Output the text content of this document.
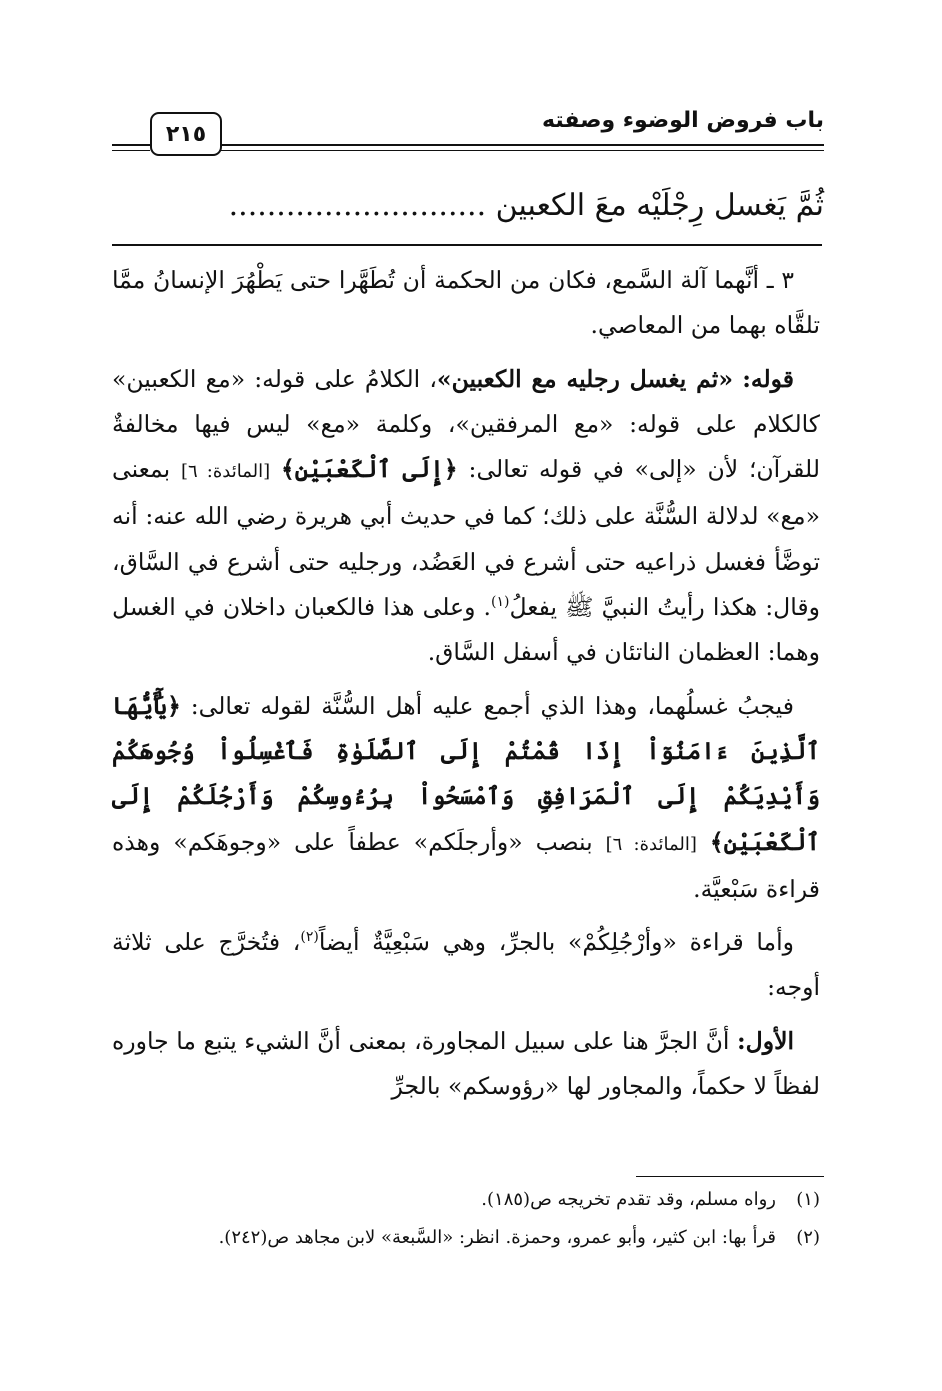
باب فروض الوضوء وصفته
٢١٥
ثُمَّ يَغسل رِجْلَيْه معَ الكعبين ...........................

٣ ـ أنَّهما آلة السَّمع، فكان من الحكمة أن تُطَهَّرا حتى يَطْهُرَ الإنسانُ ممَّا تلقَّاه بهما من المعاصي.

قوله: «ثم يغسل رجليه مع الكعبين»، الكلامُ على قوله: «مع الكعبين» كالكلام على قوله: «مع المرفقين»، وكلمة «مع» ليس فيها مخالفةٌ للقرآن؛ لأن «إلى» في قوله تعالى: ﴿إِلَى ٱلْكَعْبَيْنِ﴾ [المائدة: ٦] بمعنى «مع» لدلالة السُّنَّة على ذلك؛ كما في حديث أبي هريرة رضي الله عنه: أنه توضَّأ فغسل ذراعيه حتى أشرع في العَضُد، ورجليه حتى أشرع في السَّاق، وقال: هكذا رأيتُ النبيَّ ﷺ يفعلُ$^{(١)}$. وعلى هذا فالكعبان داخلان في الغسل وهما: العظمان الناتئان في أسفل السَّاق.

فيجبُ غسلُهما، وهذا الذي أجمع عليه أهل السُّنَّة لقوله تعالى: ﴿يَٰٓأَيُّهَا ٱلَّذِينَ ءَامَنُوٓاْ إِذَا قُمْتُمْ إِلَى ٱلصَّلَوٰةِ فَٱغْسِلُواْ وُجُوهَكُمْ وَأَيْدِيَكُمْ إِلَى ٱلْمَرَافِقِ وَٱمْسَحُواْ بِرُءُوسِكُمْ وَأَرْجُلَكُمْ إِلَى ٱلْكَعْبَيْنِ﴾ [المائدة: ٦] بنصب «وأرجلَكم» عطفاً على «وجوهَكم» وهذه قراءة سَبْعيَّة.

وأما قراءة «وأرْجُلِكُمْ» بالجرِّ، وهي سَبْعِيَّةٌ أيضاً$^{(٢)}$، فتُخرَّج على ثلاثة أوجه:

الأول: أنَّ الجرَّ هنا على سبيل المجاورة، بمعنى أنَّ الشيء يتبع ما جاوره لفظاً لا حكماً، والمجاور لها «رؤوسكم» بالجرِّ

(١)
رواه مسلم، وقد تقدم تخريجه ص(١٨٥).
(٢)
قرأ بها: ابن كثير، وأبو عمرو، وحمزة. انظر: «السَّبعة» لابن مجاهد ص(٢٤٢).
